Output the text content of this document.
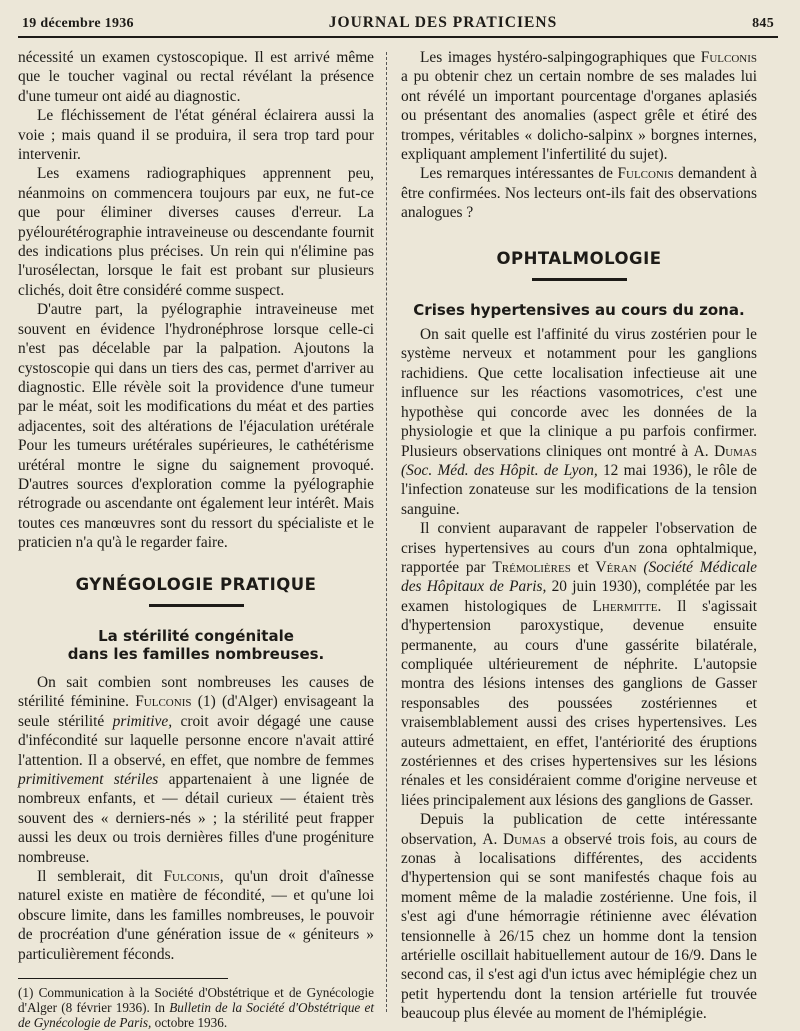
19 décembre 1936	JOURNAL DES PRATICIENS	845

nécessité un examen cystoscopique. Il est arrivé même que le toucher vaginal ou rectal révélant la présence d'une tumeur ont aidé au diagnostic.

Le fléchissement de l'état général éclairera aussi la voie ; mais quand il se produira, il sera trop tard pour intervenir.

Les examens radiographiques apprennent peu, néanmoins on commencera toujours par eux, ne fut-ce que pour éliminer diverses causes d'erreur. La pyélourétérographie intraveineuse ou descendante fournit des indications plus précises. Un rein qui n'élimine pas l'urosélectan, lorsque le fait est probant sur plusieurs clichés, doit être considéré comme suspect.

D'autre part, la pyélographie intraveineuse met souvent en évidence l'hydronéphrose lorsque celle-ci n'est pas décelable par la palpation. Ajoutons la cystoscopie qui dans un tiers des cas, permet d'arriver au diagnostic. Elle révèle soit la providence d'une tumeur par le méat, soit les modifications du méat et des parties adjacentes, soit des altérations de l'éjaculation urétérale Pour les tumeurs urétérales supérieures, le cathétérisme urétéral montre le signe du saignement provoqué. D'autres sources d'exploration comme la pyélographie rétrograde ou ascendante ont également leur intérêt. Mais toutes ces manœuvres sont du ressort du spécialiste et le praticien n'a qu'à le regarder faire.

GYNÉGOLOGIE PRATIQUE
La stérilité congénitale
dans les familles nombreuses.

On sait combien sont nombreuses les causes de stérilité féminine. Fulconis (1) (d'Alger) envisageant la seule stérilité primitive, croit avoir dégagé une cause d'infécondité sur laquelle personne encore n'avait attiré l'attention. Il a observé, en effet, que nombre de femmes primitivement stériles appartenaient à une lignée de nombreux enfants, et — détail curieux — étaient très souvent des « derniers-nés » ; la stérilité peut frapper aussi les deux ou trois dernières filles d'une progéniture nombreuse.

Il semblerait, dit Fulconis, qu'un droit d'aînesse naturel existe en matière de fécondité, — et qu'une loi obscure limite, dans les familles nombreuses, le pouvoir de procréation d'une génération issue de « géniteurs » particulièrement féconds.

(1) Communication à la Société d'Obstétrique et de Gynécologie d'Alger (8 février 1936). In Bulletin de la Société d'Obstétrique et de Gynécologie de Paris, octobre 1936.

Les images hystéro-salpingographiques que Fulconis a pu obtenir chez un certain nombre de ses malades lui ont révélé un important pourcentage d'organes aplasiés ou présentant des anomalies (aspect grêle et étiré des trompes, véritables « dolicho-salpinx » borgnes internes, expliquant amplement l'infertilité du sujet).

Les remarques intéressantes de Fulconis demandent à être confirmées. Nos lecteurs ont-ils fait des observations analogues ?

OPHTALMOLOGIE
Crises hypertensives au cours du zona.

On sait quelle est l'affinité du virus zostérien pour le système nerveux et notamment pour les ganglions rachidiens. Que cette localisation infectieuse ait une influence sur les réactions vasomotrices, c'est une hypothèse qui concorde avec les données de la physiologie et que la clinique a pu parfois confirmer. Plusieurs observations cliniques ont montré à A. Dumas (Soc. Méd. des Hôpit. de Lyon, 12 mai 1936), le rôle de l'infection zonateuse sur les modifications de la tension sanguine.

Il convient auparavant de rappeler l'observation de crises hypertensives au cours d'un zona ophtalmique, rapportée par Trémolières et Véran (Société Médicale des Hôpitaux de Paris, 20 juin 1930), complétée par les examen histologiques de Lhermitte. Il s'agissait d'hypertension paroxystique, devenue ensuite permanente, au cours d'une gassérite bilatérale, compliquée ultérieurement de néphrite. L'autopsie montra des lésions intenses des ganglions de Gasser responsables des poussées zostériennes et vraisemblablement aussi des crises hypertensives. Les auteurs admettaient, en effet, l'antériorité des éruptions zostériennes et des crises hypertensives sur les lésions rénales et les considéraient comme d'origine nerveuse et liées principalement aux lésions des ganglions de Gasser.

Depuis la publication de cette intéressante observation, A. Dumas a observé trois fois, au cours de zonas à localisations différentes, des accidents d'hypertension qui se sont manifestés chaque fois au moment même de la maladie zostérienne. Une fois, il s'est agi d'une hémorragie rétinienne avec élévation tensionnelle à 26/15 chez un homme dont la tension artérielle oscillait habituellement autour de 16/9. Dans le second cas, il s'est agi d'un ictus avec hémiplégie chez un petit hypertendu dont la tension artérielle fut trouvée beaucoup plus élevée au moment de l'hémiplégie.
